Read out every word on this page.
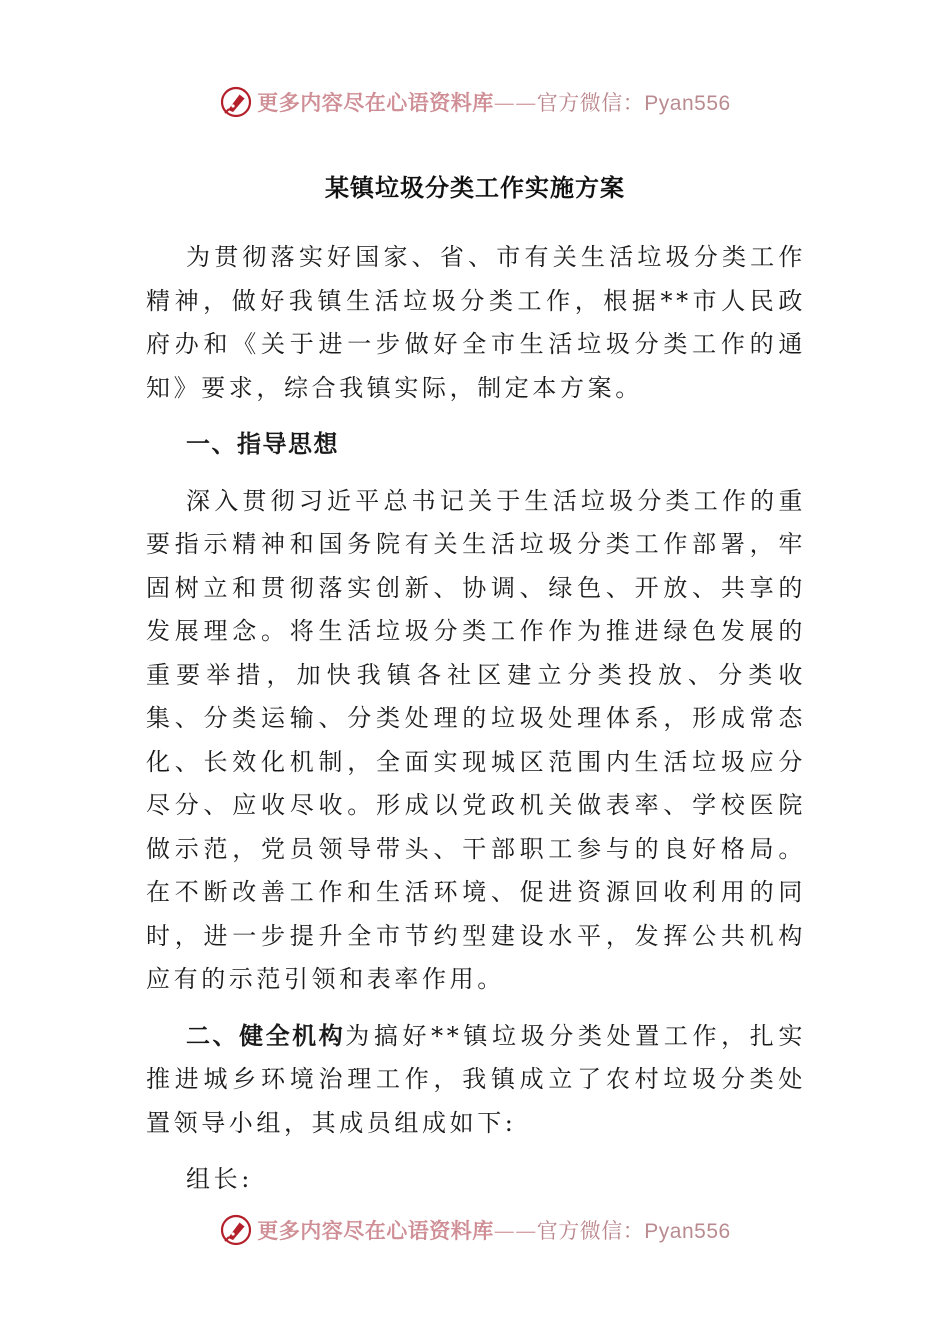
更多内容尽在心语资料库——官方微信：Pyan556
某镇垃圾分类工作实施方案

为贯彻落实好国家、省、市有关生活垃圾分类工作精神，做好我镇生活垃圾分类工作，根据**市人民政府办和《关于进一步做好全市生活垃圾分类工作的通知》要求，综合我镇实际，制定本方案。

一、指导思想

深入贯彻习近平总书记关于生活垃圾分类工作的重要指示精神和国务院有关生活垃圾分类工作部署，牢固树立和贯彻落实创新、协调、绿色、开放、共享的发展理念。将生活垃圾分类工作作为推进绿色发展的重要举措，加快我镇各社区建立分类投放、分类收集、分类运输、分类处理的垃圾处理体系，形成常态化、长效化机制，全面实现城区范围内生活垃圾应分尽分、应收尽收。形成以党政机关做表率、学校医院做示范，党员领导带头、干部职工参与的良好格局。在不断改善工作和生活环境、促进资源回收利用的同时，进一步提升全市节约型建设水平，发挥公共机构应有的示范引领和表率作用。

二、健全机构为搞好**镇垃圾分类处置工作，扎实推进城乡环境治理工作，我镇成立了农村垃圾分类处置领导小组，其成员组成如下:

组长:

更多内容尽在心语资料库——官方微信：Pyan556
